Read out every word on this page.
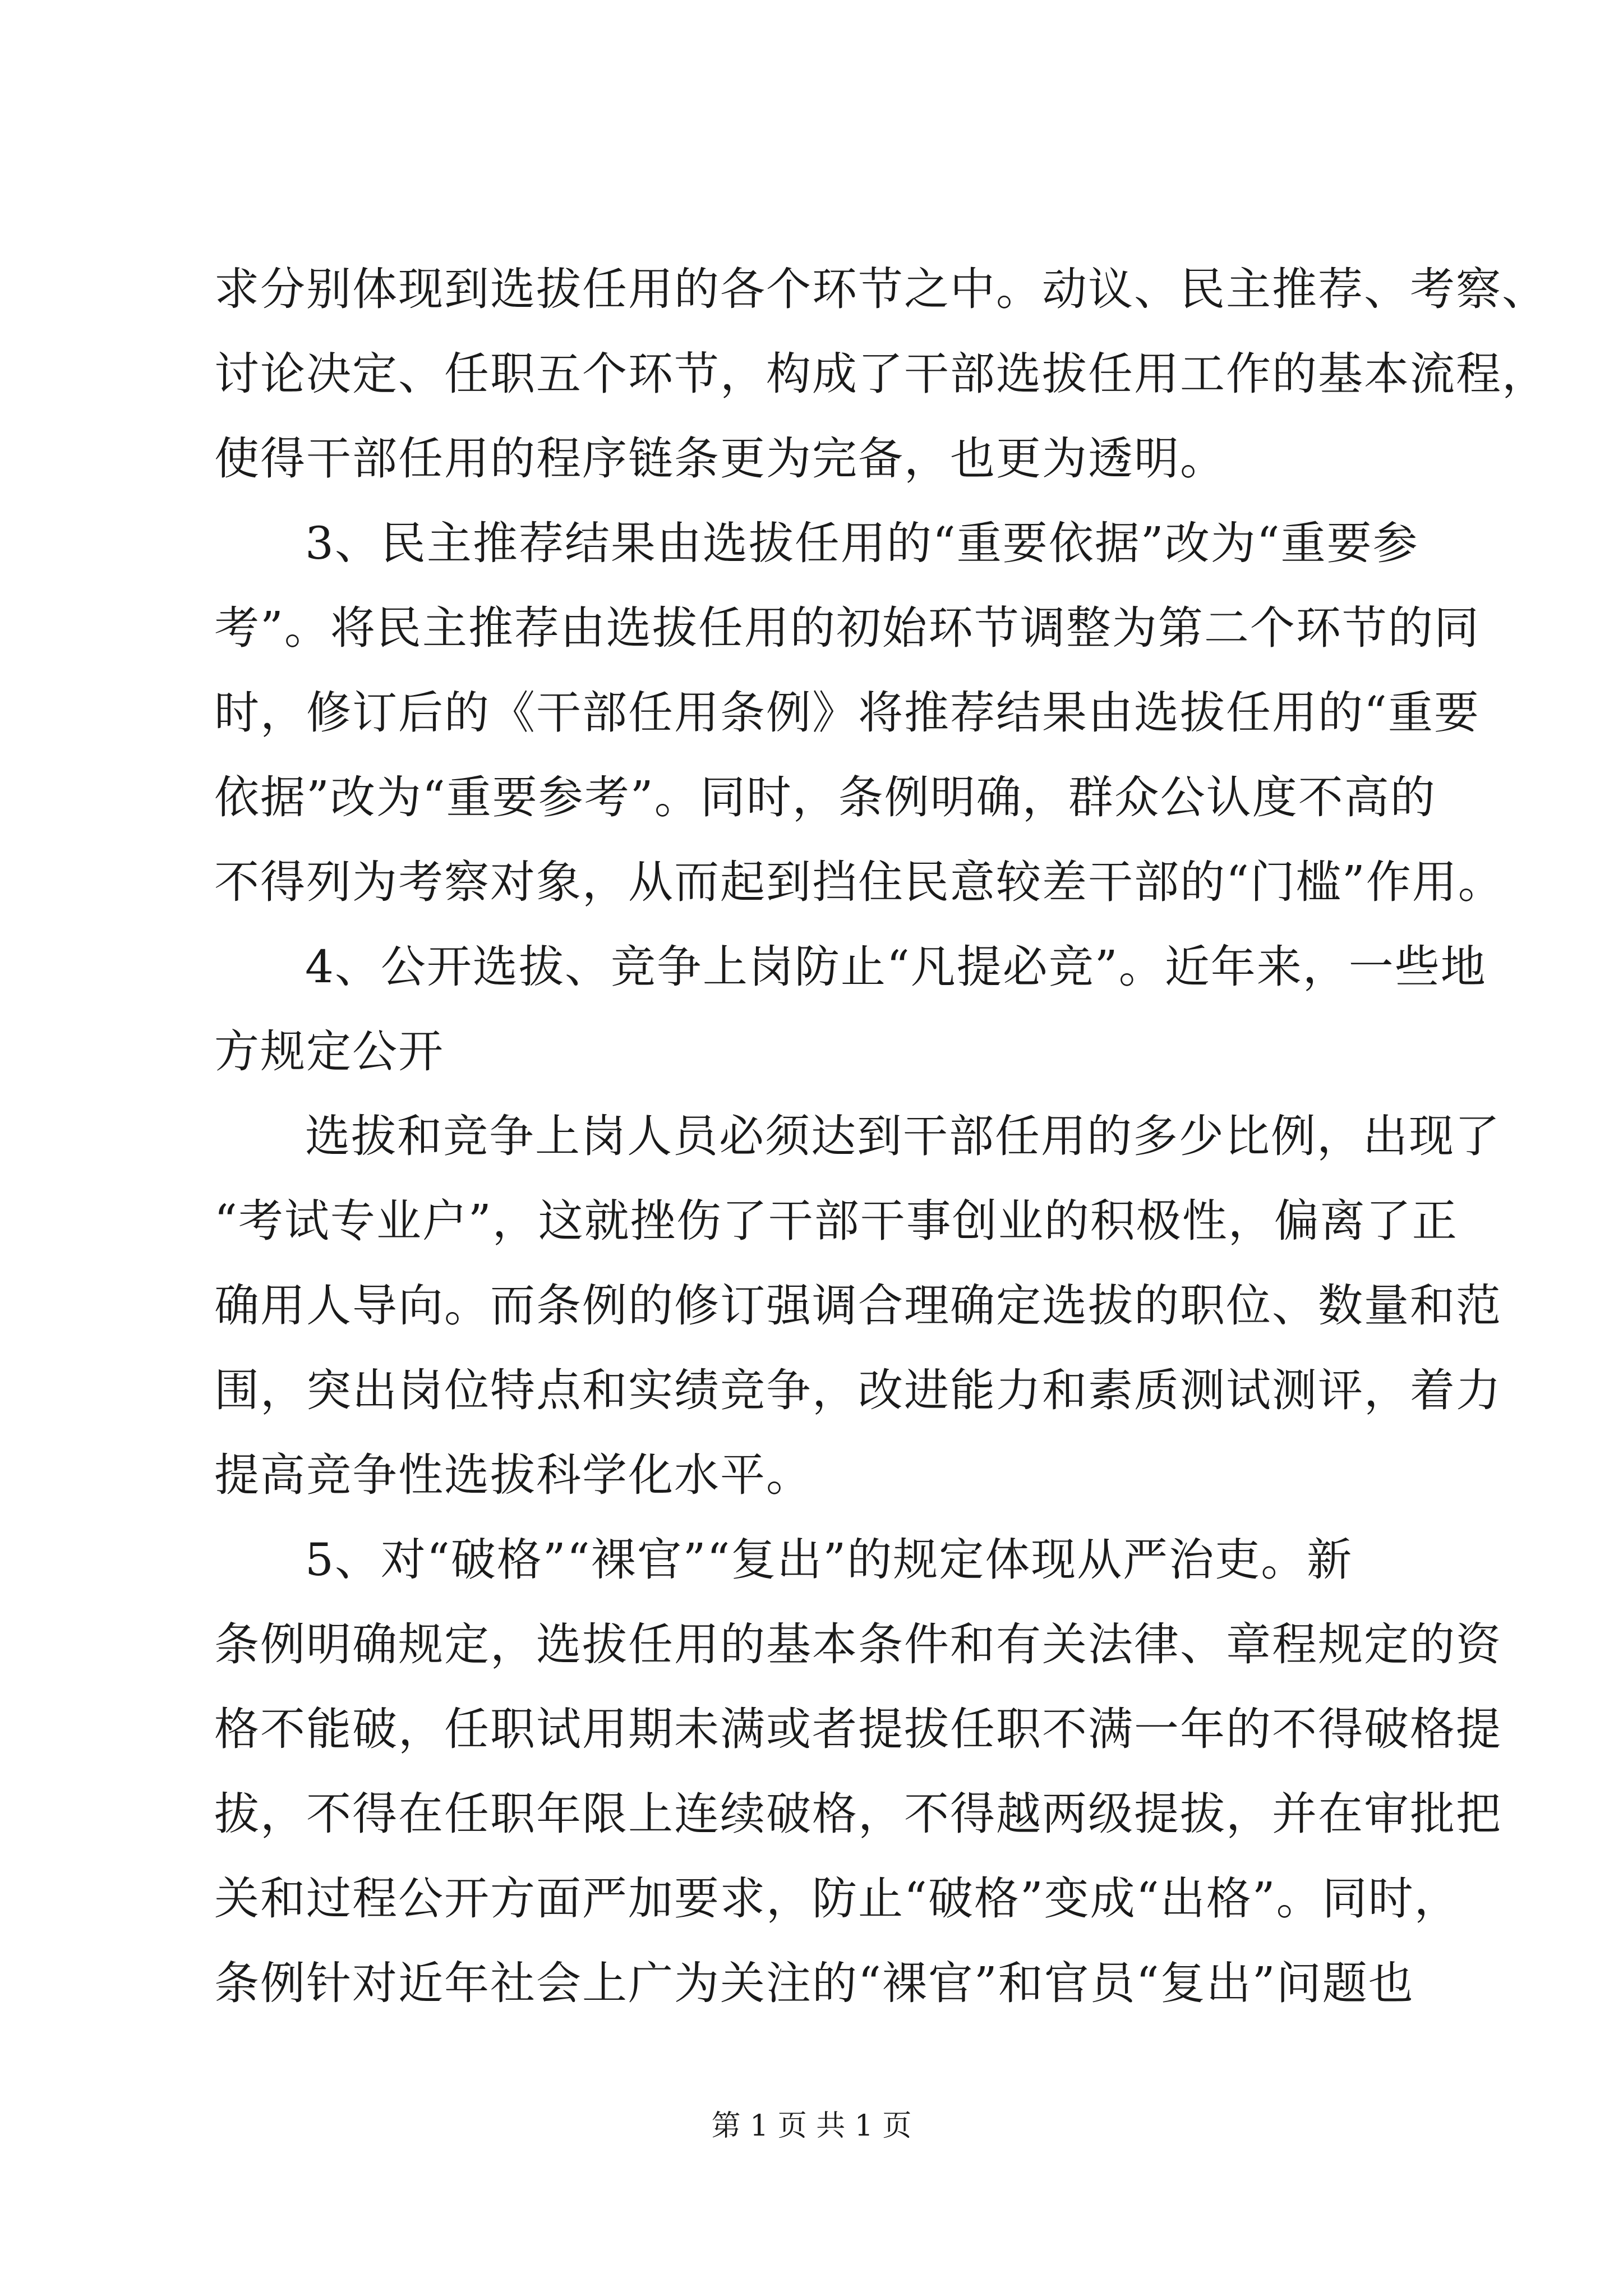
求分别体现到选拔任用的各个环节之中。动议、民主推荐、考察、
讨论决定、任职五个环节，构成了干部选拔任用工作的基本流程，
使得干部任用的程序链条更为完备，也更为透明。
3、民主推荐结果由选拔任用的“重要依据”改为“重要参
考”。将民主推荐由选拔任用的初始环节调整为第二个环节的同
时，修订后的《干部任用条例》将推荐结果由选拔任用的“重要
依据”改为“重要参考”。同时，条例明确，群众公认度不高的
不得列为考察对象，从而起到挡住民意较差干部的“门槛”作用。
4、公开选拔、竞争上岗防止“凡提必竞”。近年来，一些地
方规定公开
选拔和竞争上岗人员必须达到干部任用的多少比例，出现了
“考试专业户”，这就挫伤了干部干事创业的积极性，偏离了正
确用人导向。而条例的修订强调合理确定选拔的职位、数量和范
围，突出岗位特点和实绩竞争，改进能力和素质测试测评，着力
提高竞争性选拔科学化水平。
5、对“破格”“裸官”“复出”的规定体现从严治吏。新
条例明确规定，选拔任用的基本条件和有关法律、章程规定的资
格不能破，任职试用期未满或者提拔任职不满一年的不得破格提
拔，不得在任职年限上连续破格，不得越两级提拔，并在审批把
关和过程公开方面严加要求，防止“破格”变成“出格”。同时，
条例针对近年社会上广为关注的“裸官”和官员“复出”问题也
第 1 页 共 1 页
